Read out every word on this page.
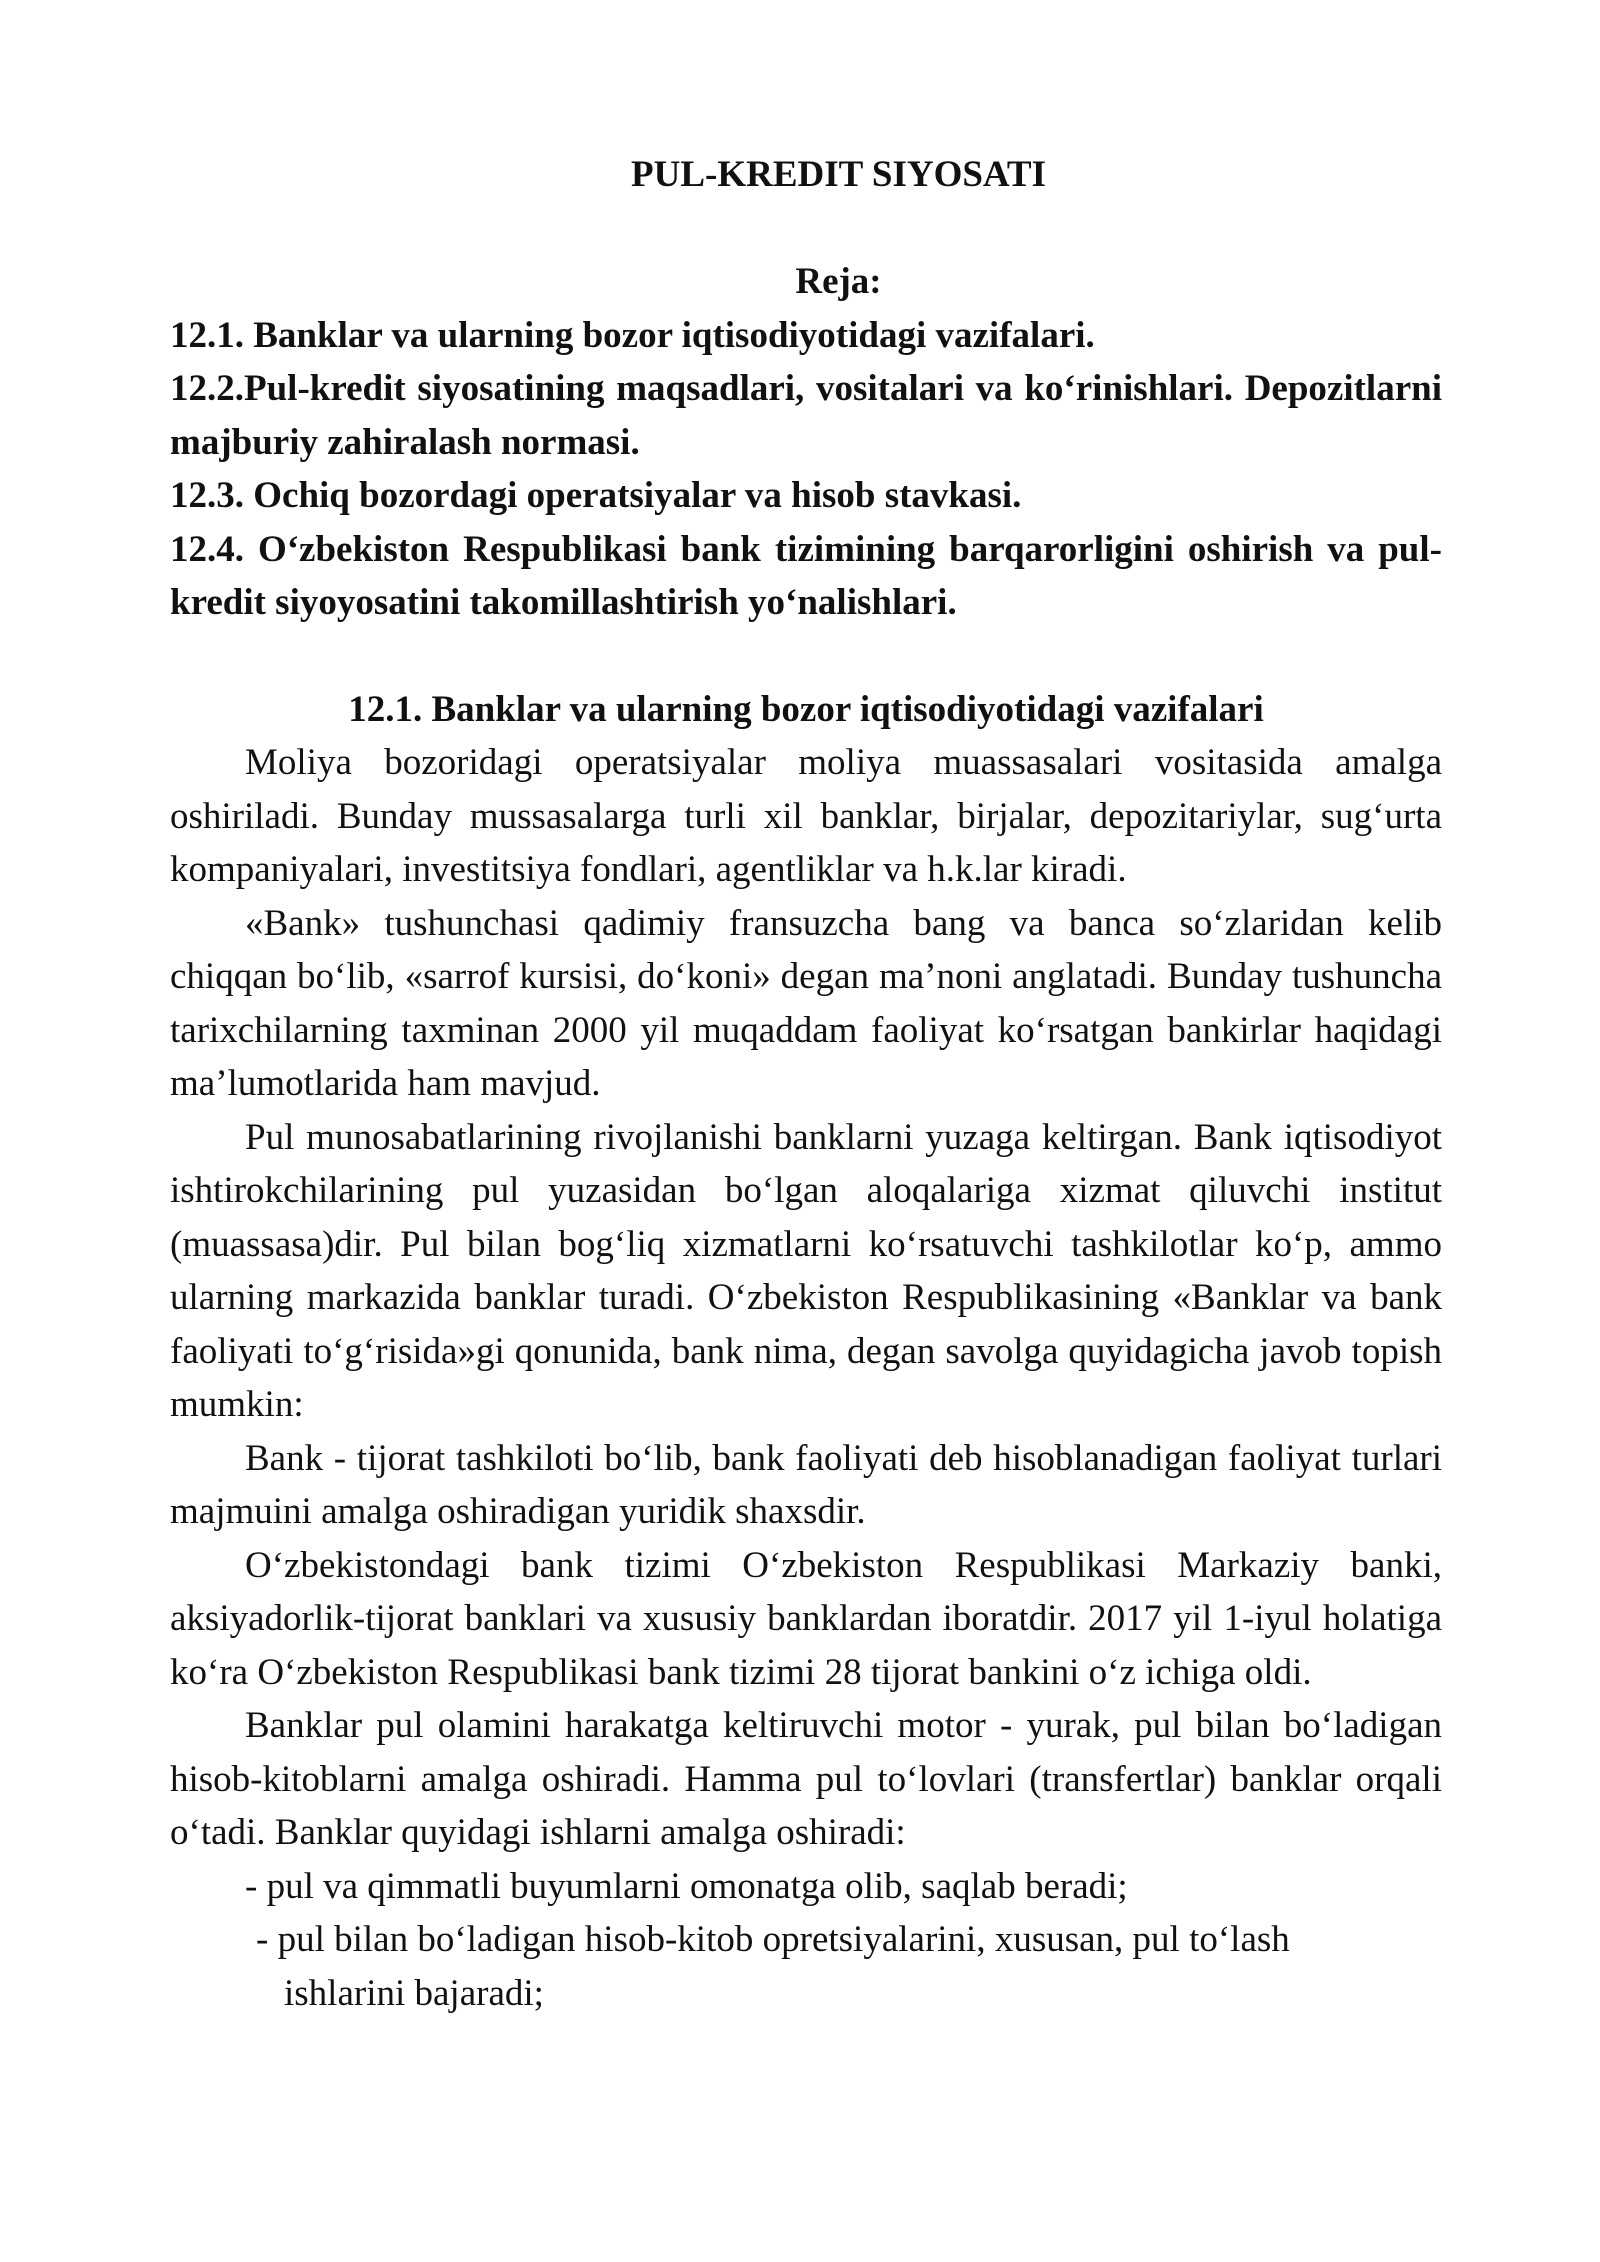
PUL-KREDIT SIYOSATI
Reja:
12.1. Banklar va ularning bozor iqtisodiyotidagi vazifalari.
12.2.Pul-kredit siyosatining maqsadlari, vositalari va ko‘rinishlari. Depozitlarni majburiy zahiralash normasi.
12.3. Ochiq bozordagi operatsiyalar va hisob stavkasi.
12.4. O‘zbekiston Respublikasi bank tizimining barqarorligini oshirish va pul-kredit siyoyosatini takomillashtirish yo‘nalishlari.
12.1. Banklar va ularning bozor iqtisodiyotidagi vazifalari

Moliya bozoridagi operatsiyalar moliya muassasalari vositasida amalga oshiriladi. Bunday mussasalarga turli xil banklar, birjalar, depozitariylar, sug‘urta kompaniyalari, investitsiya fondlari, agentliklar va h.k.lar kiradi.

«Bank» tushunchasi qadimiy fransuzcha bang va banca so‘zlaridan kelib chiqqan bo‘lib, «sarrof kursisi, do‘koni» degan ma’noni anglatadi. Bunday tushuncha tarixchilarning taxminan 2000 yil muqaddam faoliyat ko‘rsatgan bankirlar haqidagi ma’lumotlarida ham mavjud.

Pul munosabatlarining rivojlanishi banklarni yuzaga keltirgan. Bank iqtisodiyot ishtirokchilarining pul yuzasidan bo‘lgan aloqalariga xizmat qiluvchi institut (muassasa)dir. Pul bilan bog‘liq xizmatlarni ko‘rsatuvchi tashkilotlar ko‘p, ammo ularning markazida banklar turadi. O‘zbekiston Respublikasining «Banklar va bank faoliyati to‘g‘risida»gi qonunida, bank nima, degan savolga quyidagicha javob topish mumkin:

Bank - tijorat tashkiloti bo‘lib, bank faoliyati deb hisoblanadigan faoliyat turlari majmuini amalga oshiradigan yuridik shaxsdir.

O‘zbekistondagi bank tizimi O‘zbekiston Respublikasi Markaziy banki, aksiyadorlik-tijorat banklari va xususiy banklardan iboratdir. 2017 yil 1-iyul holatiga ko‘ra O‘zbekiston Respublikasi bank tizimi 28 tijorat bankini o‘z ichiga oldi.

Banklar pul olamini harakatga keltiruvchi motor - yurak, pul bilan bo‘ladigan hisob-kitoblarni amalga oshiradi. Hamma pul to‘lovlari (transfertlar) banklar orqali o‘tadi. Banklar quyidagi ishlarni amalga oshiradi:

- pul va qimmatli buyumlarni omonatga olib, saqlab beradi;
- pul bilan bo‘ladigan hisob-kitob opretsiyalarini, xususan, pul to‘lash
ishlarini bajaradi;
